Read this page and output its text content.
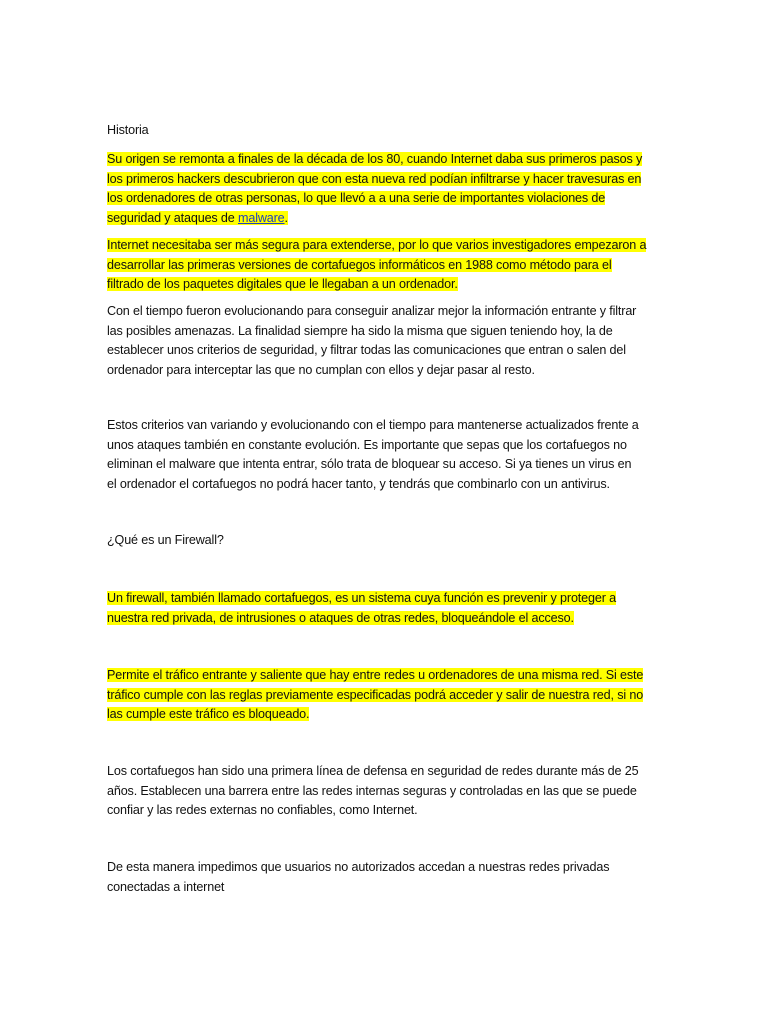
Historia
Su origen se remonta a finales de la década de los 80, cuando Internet daba sus primeros pasos y
los primeros hackers descubrieron que con esta nueva red podían infiltrarse y hacer travesuras en
los ordenadores de otras personas, lo que llevó a a una serie de importantes violaciones de
seguridad y ataques de malware.
Internet necesitaba ser más segura para extenderse, por lo que varios investigadores empezaron a
desarrollar las primeras versiones de cortafuegos informáticos en 1988 como método para el
filtrado de los paquetes digitales que le llegaban a un ordenador.
Con el tiempo fueron evolucionando para conseguir analizar mejor la información entrante y filtrar
las posibles amenazas. La finalidad siempre ha sido la misma que siguen teniendo hoy, la de
establecer unos criterios de seguridad, y filtrar todas las comunicaciones que entran o salen del
ordenador para interceptar las que no cumplan con ellos y dejar pasar al resto.
Estos criterios van variando y evolucionando con el tiempo para mantenerse actualizados frente a
unos ataques también en constante evolución. Es importante que sepas que los cortafuegos no
eliminan el malware que intenta entrar, sólo trata de bloquear su acceso. Si ya tienes un virus en
el ordenador el cortafuegos no podrá hacer tanto, y tendrás que combinarlo con un antivirus.
¿Qué es un Firewall?
Un firewall, también llamado cortafuegos, es un sistema cuya función es prevenir y proteger a
nuestra red privada, de intrusiones o ataques de otras redes, bloqueándole el acceso.
Permite el tráfico entrante y saliente que hay entre redes u ordenadores de una misma red. Si este
tráfico cumple con las reglas previamente especificadas podrá acceder y salir de nuestra red, si no
las cumple este tráfico es bloqueado.
Los cortafuegos han sido una primera línea de defensa en seguridad de redes durante más de 25
años. Establecen una barrera entre las redes internas seguras y controladas en las que se puede
confiar y las redes externas no confiables, como Internet.
De esta manera impedimos que usuarios no autorizados accedan a nuestras redes privadas
conectadas a internet
